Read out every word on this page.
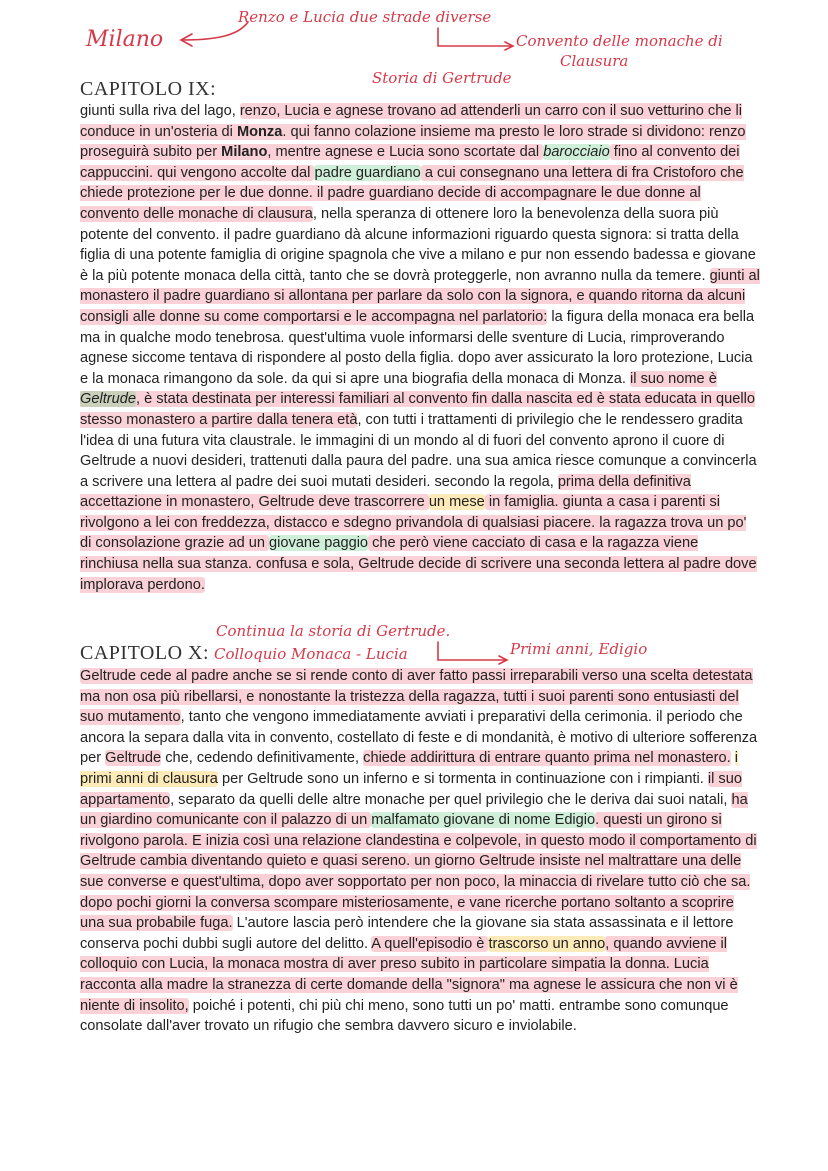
Milano
Renzo e Lucia due strade diverse
Convento delle monache di
Clausura
Storia di Gertrude
Continua la storia di Gertrude.
Colloquio Monaca - Lucia	Primi anni, Edigio
CAPITOLO IX:

giunti sulla riva del lago, renzo, Lucia e agnese trovano ad attenderli un carro con il suo vetturino che li conduce in un'osteria di Monza. qui fanno colazione insieme ma presto le loro strade si dividono: renzo proseguirà subito per Milano, mentre agnese e Lucia sono scortate dal barocciaio fino al convento dei cappuccini. qui vengono accolte dal padre guardiano a cui consegnano una lettera di fra Cristoforo che chiede protezione per le due donne. il padre guardiano decide di accompagnare le due donne al convento delle monache di clausura, nella speranza di ottenere loro la benevolenza della suora più potente del convento. il padre guardiano dà alcune informazioni riguardo questa signora: si tratta della figlia di una potente famiglia di origine spagnola che vive a milano e pur non essendo badessa e giovane è la più potente monaca della città, tanto che se dovrà proteggerle, non avranno nulla da temere. giunti al monastero il padre guardiano si allontana per parlare da solo con la signora, e quando ritorna da alcuni consigli alle donne su come comportarsi e le accompagna nel parlatorio: la figura della monaca era bella ma in qualche modo tenebrosa. quest'ultima vuole informarsi delle sventure di Lucia, rimproverando agnese siccome tentava di rispondere al posto della figlia. dopo aver assicurato la loro protezione, Lucia e la monaca rimangono da sole. da qui si apre una biografia della monaca di Monza. il suo nome è Geltrude, è stata destinata per interessi familiari al convento fin dalla nascita ed è stata educata in quello stesso monastero a partire dalla tenera età, con tutti i trattamenti di privilegio che le rendessero gradita l'idea di una futura vita claustrale. le immagini di un mondo al di fuori del convento aprono il cuore di Geltrude a nuovi desideri, trattenuti dalla paura del padre. una sua amica riesce comunque a convincerla a scrivere una lettera al padre dei suoi mutati desideri. secondo la regola, prima della definitiva accettazione in monastero, Geltrude deve trascorrere un mese in famiglia. giunta a casa i parenti si rivolgono a lei con freddezza, distacco e sdegno privandola di qualsiasi piacere. la ragazza trova un po' di consolazione grazie ad un giovane paggio che però viene cacciato di casa e la ragazza viene rinchiusa nella sua stanza. confusa e sola, Geltrude decide di scrivere una seconda lettera al padre dove implorava perdono.

CAPITOLO X:

Geltrude cede al padre anche se si rende conto di aver fatto passi irreparabili verso una scelta detestata ma non osa più ribellarsi, e nonostante la tristezza della ragazza, tutti i suoi parenti sono entusiasti del suo mutamento, tanto che vengono immediatamente avviati i preparativi della cerimonia. il periodo che ancora la separa dalla vita in convento, costellato di feste e di mondanità, è motivo di ulteriore sofferenza per Geltrude che, cedendo definitivamente, chiede addirittura di entrare quanto prima nel monastero. i primi anni di clausura per Geltrude sono un inferno e si tormenta in continuazione con i rimpianti. il suo appartamento, separato da quelli delle altre monache per quel privilegio che le deriva dai suoi natali, ha un giardino comunicante con il palazzo di un malfamato giovane di nome Edigio. questi un girono si rivolgono parola. E inizia così una relazione clandestina e colpevole, in questo modo il comportamento di Geltrude cambia diventando quieto e quasi sereno. un giorno Geltrude insiste nel maltrattare una delle sue converse e quest'ultima, dopo aver sopportato per non poco, la minaccia di rivelare tutto ciò che sa. dopo pochi giorni la conversa scompare misteriosamente, e vane ricerche portano soltanto a scoprire una sua probabile fuga. L'autore lascia però intendere che la giovane sia stata assassinata e il lettore conserva pochi dubbi sugli autore del delitto. A quell'episodio è trascorso un anno, quando avviene il colloquio con Lucia, la monaca mostra di aver preso subito in particolare simpatia la donna. Lucia racconta alla madre la stranezza di certe domande della "signora" ma agnese le assicura che non vi è niente di insolito, poiché i potenti, chi più chi meno, sono tutti un po' matti. entrambe sono comunque consolate dall'aver trovato un rifugio che sembra davvero sicuro e inviolabile.
